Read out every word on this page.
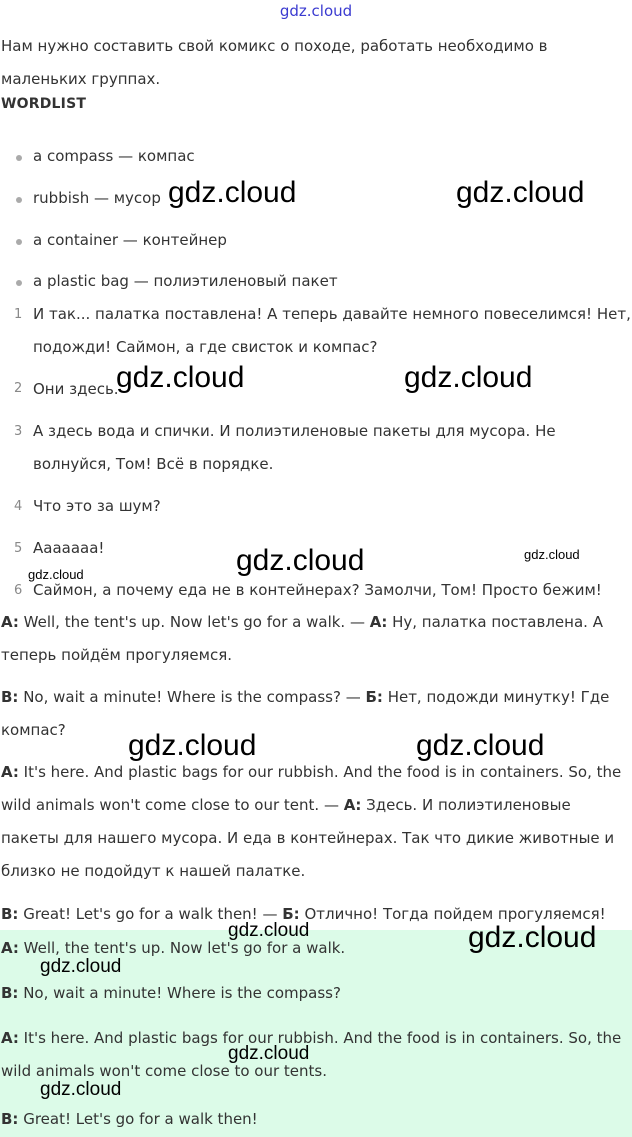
gdz.cloud
Нам нужно составить свой комикс о походе, работать необходимо в маленьких группах.
WORDLIST
a compass — компас
rubbish — мусор
a container — контейнер
a plastic bag — полиэтиленовый пакет
1 И так... палатка поставлена! А теперь давайте немного повеселимся! Нет, подожди! Саймон, а где свисток и компас?
2 Они здесь.
3 А здесь вода и спички. И полиэтиленовые пакеты для мусора. Не волнуйся, Том! Всё в порядке.
4 Что это за шум?
5 Ааааааа!
6 Саймон, а почему еда не в контейнерах? Замолчи, Том! Просто бежим!
A: Well, the tent's up. Now let's go for a walk. — А: Ну, палатка поставлена. А теперь пойдём прогуляемся.
B: No, wait a minute! Where is the compass? — Б: Нет, подожди минутку! Где компас?
A: It's here. And plastic bags for our rubbish. And the food is in containers. So, the wild animals won't come close to our tent. — А: Здесь. И полиэтиленовые пакеты для нашего мусора. И еда в контейнерах. Так что дикие животные и близко не подойдут к нашей палатке.
B: Great! Let's go for a walk then! — Б: Отлично! Тогда пойдем прогуляемся!
A: Well, the tent's up. Now let's go for a walk.
B: No, wait a minute! Where is the compass?
A: It's here. And plastic bags for our rubbish. And the food is in containers. So, the wild animals won't come close to our tents.
B: Great! Let's go for a walk then!
gdz.cloud	gdz.cloud
gdz.cloud	gdz.cloud
gdz.cloud	gdz.cloud
gdz.cloud
gdz.cloud	gdz.cloud
gdz.cloud	gdz.cloud
gdz.cloud
gdz.cloud
gdz.cloud
